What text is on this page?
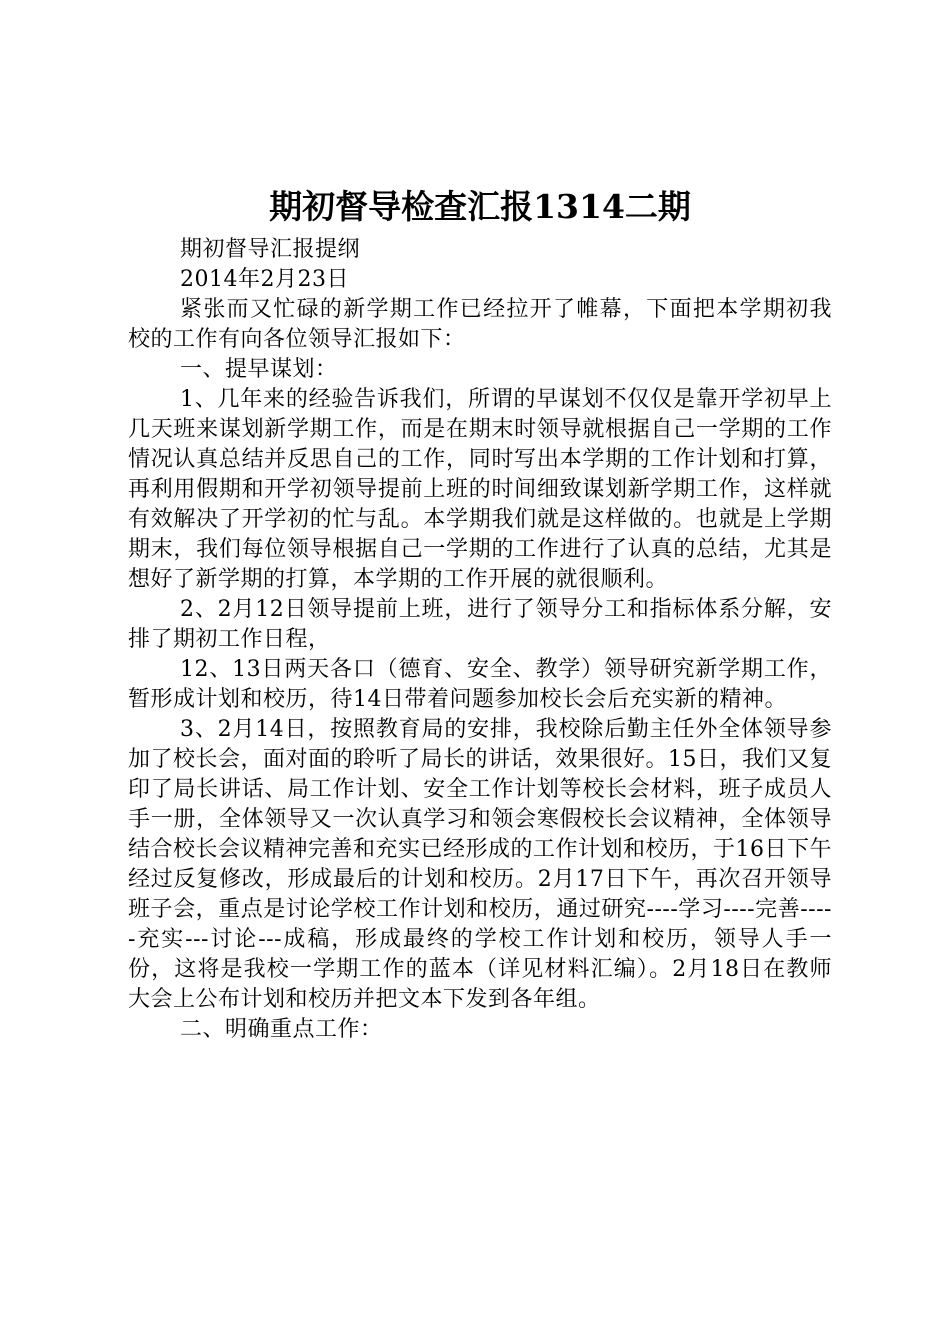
期初督导检查汇报1314二期

期初督导汇报提纲

2014年2月23日

紧张而又忙碌的新学期工作已经拉开了帷幕，下面把本学期初我校的工作有向各位领导汇报如下：

一、提早谋划：

1、几年来的经验告诉我们，所谓的早谋划不仅仅是靠开学初早上几天班来谋划新学期工作，而是在期末时领导就根据自己一学期的工作情况认真总结并反思自己的工作，同时写出本学期的工作计划和打算，再利用假期和开学初领导提前上班的时间细致谋划新学期工作，这样就有效解决了开学初的忙与乱。本学期我们就是这样做的。也就是上学期期末，我们每位领导根据自己一学期的工作进行了认真的总结，尤其是想好了新学期的打算，本学期的工作开展的就很顺利。

2、2月12日领导提前上班，进行了领导分工和指标体系分解，安排了期初工作日程，

12、13日两天各口（德育、安全、教学）领导研究新学期工作，暂形成计划和校历，待14日带着问题参加校长会后充实新的精神。

3、2月14日，按照教育局的安排，我校除后勤主任外全体领导参加了校长会，面对面的聆听了局长的讲话，效果很好。15日，我们又复印了局长讲话、局工作计划、安全工作计划等校长会材料，班子成员人手一册，全体领导又一次认真学习和领会寒假校长会议精神，全体领导结合校长会议精神完善和充实已经形成的工作计划和校历，于16日下午经过反复修改，形成最后的计划和校历。2月17日下午，再次召开领导班子会，重点是讨论学校工作计划和校历，通过研究----学习----完善-----充实---讨论---成稿，形成最终的学校工作计划和校历，领导人手一份，这将是我校一学期工作的蓝本（详见材料汇编）。2月18日在教师大会上公布计划和校历并把文本下发到各年组。

二、明确重点工作：
